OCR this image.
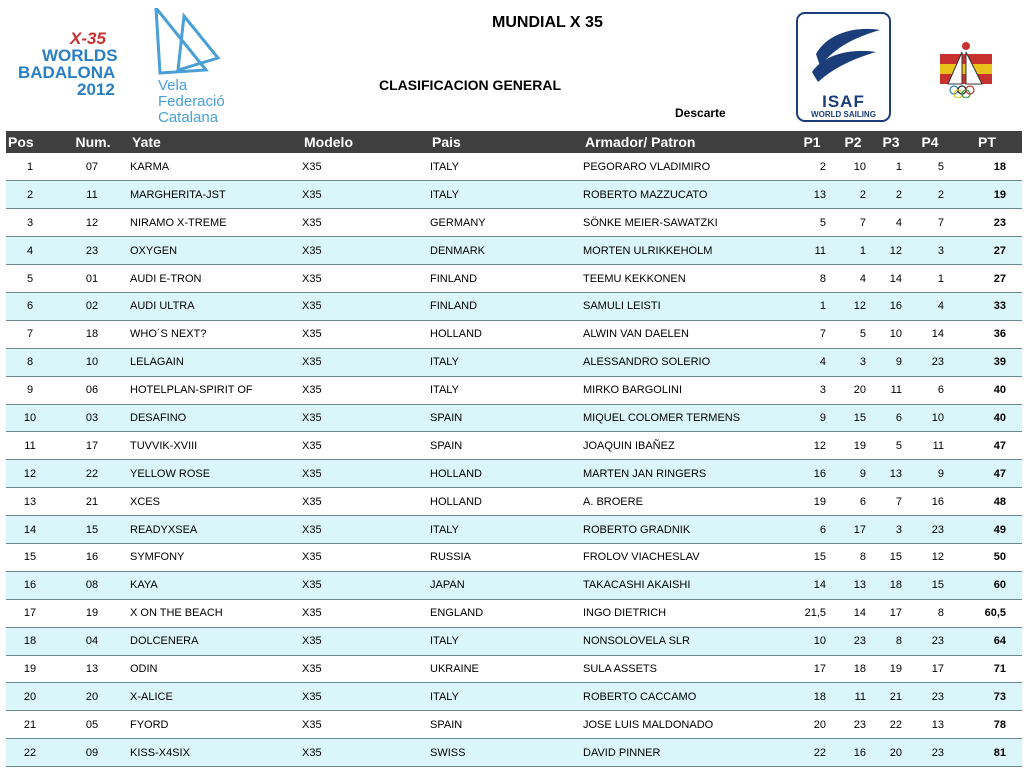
X-35
WORLDS
BADALONA
2012	Vela
Federació
Catalana
MUNDIAL X 35
CLASIFICACION GENERAL
Descarte
ISAF
WORLD SAILING
Pos	Num.	Yate	Modelo	Pais	Armador/ Patron	P1	P2	P3	P4	PT
1	07	KARMA	X35	ITALY	PEGORARO VLADIMIRO	2	10	1	5	18
2	11	MARGHERITA-JST	X35	ITALY	ROBERTO MAZZUCATO	13	2	2	2	19
3	12	NIRAMO X-TREME	X35	GERMANY	SÖNKE MEIER-SAWATZKI	5	7	4	7	23
4	23	OXYGEN	X35	DENMARK	MORTEN ULRIKKEHOLM	11	1	12	3	27
5	01	AUDI E-TRON	X35	FINLAND	TEEMU KEKKONEN	8	4	14	1	27
6	02	AUDI ULTRA	X35	FINLAND	SAMULI LEISTI	1	12	16	4	33
7	18	WHO´S NEXT?	X35	HOLLAND	ALWIN VAN DAELEN	7	5	10	14	36
8	10	LELAGAIN	X35	ITALY	ALESSANDRO SOLERIO	4	3	9	23	39
9	06	HOTELPLAN-SPIRIT OF	X35	ITALY	MIRKO BARGOLINI	3	20	11	6	40
10	03	DESAFINO	X35	SPAIN	MIQUEL COLOMER TERMENS	9	15	6	10	40
11	17	TUVVIK-XVIII	X35	SPAIN	JOAQUIN IBAÑEZ	12	19	5	11	47
12	22	YELLOW ROSE	X35	HOLLAND	MARTEN JAN RINGERS	16	9	13	9	47
13	21	XCES	X35	HOLLAND	A. BROERE	19	6	7	16	48
14	15	READYXSEA	X35	ITALY	ROBERTO GRADNIK	6	17	3	23	49
15	16	SYMFONY	X35	RUSSIA	FROLOV VIACHESLAV	15	8	15	12	50
16	08	KAYA	X35	JAPAN	TAKACASHI AKAISHI	14	13	18	15	60
17	19	X ON THE BEACH	X35	ENGLAND	INGO DIETRICH	21,5	14	17	8	60,5
18	04	DOLCENERA	X35	ITALY	NONSOLOVELA SLR	10	23	8	23	64
19	13	ODIN	X35	UKRAINE	SULA ASSETS	17	18	19	17	71
20	20	X-ALICE	X35	ITALY	ROBERTO CACCAMO	18	11	21	23	73
21	05	FYORD	X35	SPAIN	JOSE LUIS MALDONADO	20	23	22	13	78
22	09	KISS-X4SIX	X35	SWISS	DAVID PINNER	22	16	20	23	81
